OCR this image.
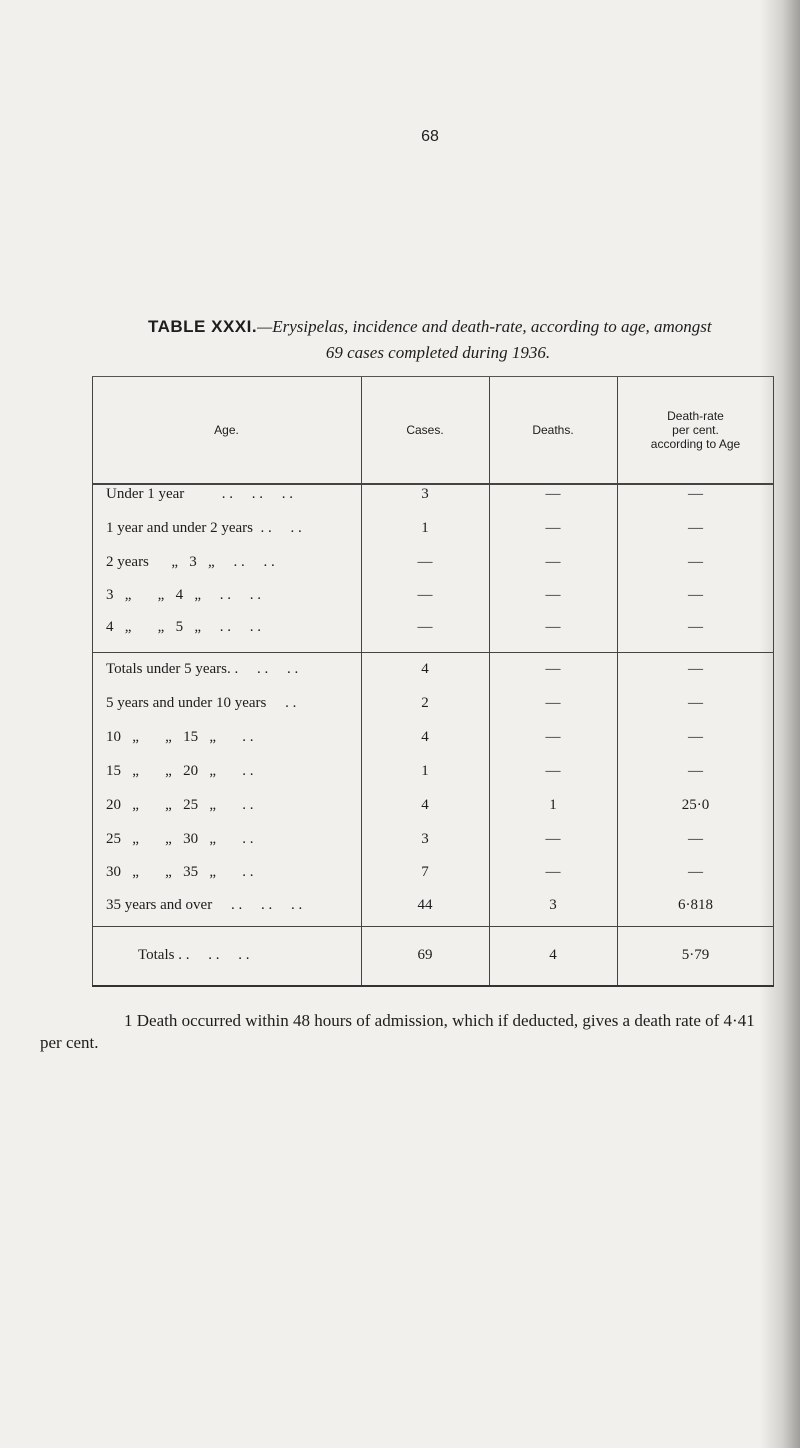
68
TABLE XXXI.—Erysipelas, incidence and death-rate, according to age, amongst
69 cases completed during 1936.
Age.	Cases.	Deaths.
Death-rate
per cent.
according to Age
Under 1 year          . .     . .     . .	3	—	—
1 year and under 2 years  . .     . .	1	—	—
2 years      „   3   „     . .     . .	—	—	—
3   „       „   4   „     . .     . .	—	—	—
4   „       „   5   „     . .     . .	—	—	—
Totals under 5 years. .     . .     . .	4	—	—
5 years and under 10 years     . .	2	—	—
10   „       „   15   „       . .	4	—	—
15   „       „   20   „       . .	1	—	—
20   „       „   25   „       . .	4	1	25·0
25   „       „   30   „       . .	3	—	—
30   „       „   35   „       . .	7	—	—
35 years and over     . .     . .     . .	44	3	6·818
Totals . .     . .     . .	69	4	5·79
1 Death occurred within 48 hours of admission, which if deducted, gives a death rate of 4·41 per cent.
